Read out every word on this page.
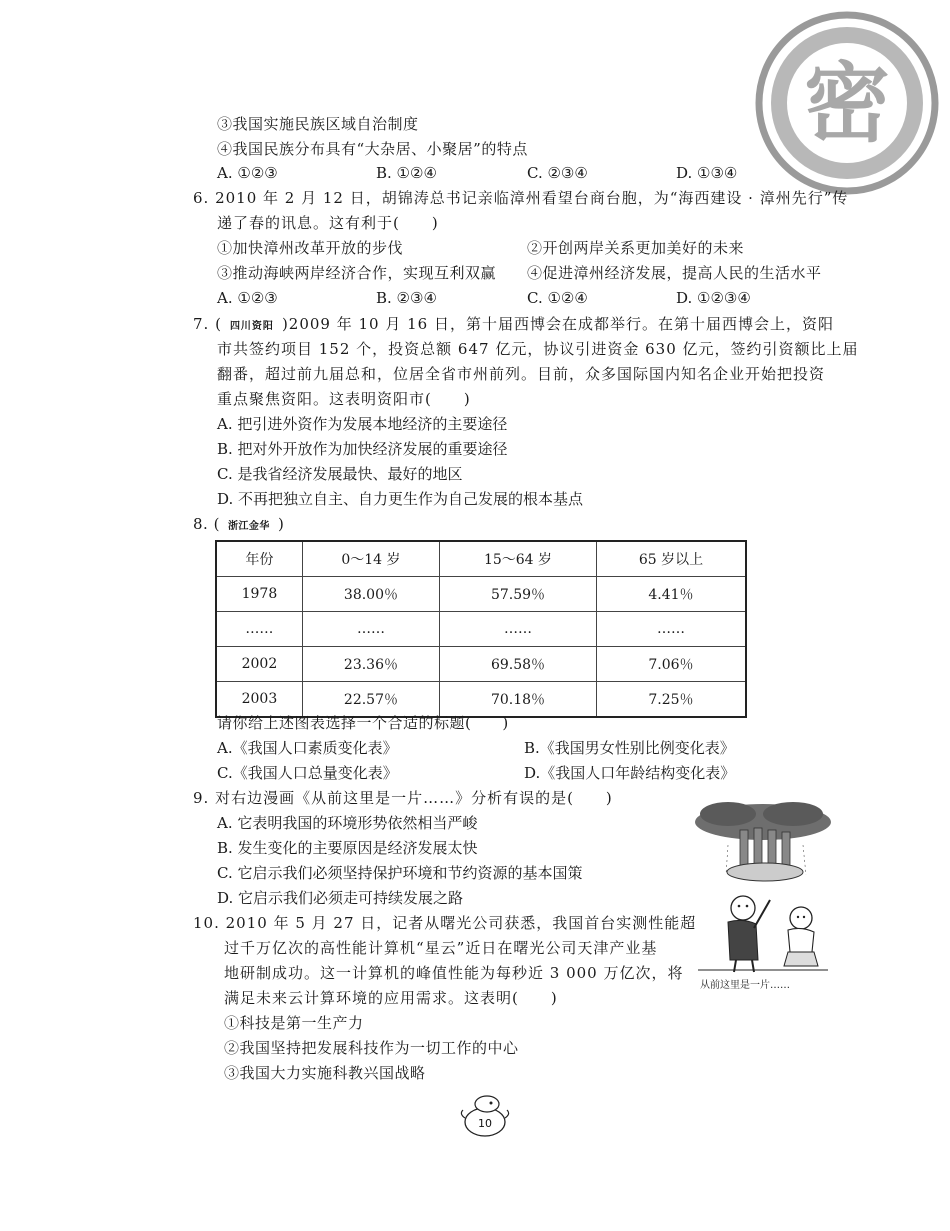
密
③我国实施民族区域自治制度
④我国民族分布具有“大杂居、小聚居”的特点
A. ①②③	B. ①②④	C. ②③④	D. ①③④
6. 2010 年 2 月 12 日，胡锦涛总书记亲临漳州看望台商台胞，为“海西建设 · 漳州先行”传
递了春的讯息。这有利于(　　)
①加快漳州改革开放的步伐	②开创两岸关系更加美好的未来
③推动海峡两岸经济合作，实现互利双赢 ④促进漳州经济发展，提高人民的生活水平
A. ①②③	B. ②③④	C. ①②④	D. ①②③④
7. ( 四川资阳 )2009 年 10 月 16 日，第十届西博会在成都举行。在第十届西博会上，资阳
市共签约项目 152 个，投资总额 647 亿元，协议引进资金 630 亿元，签约引资额比上届
翻番，超过前九届总和，位居全省市州前列。目前，众多国际国内知名企业开始把投资
重点聚焦资阳。这表明资阳市(　　)
A. 把引进外资作为发展本地经济的主要途径
B. 把对外开放作为加快经济发展的重要途径
C. 是我省经济发展最快、最好的地区
D. 不再把独立自主、自力更生作为自己发展的根本基点
8. ( 浙江金华 )
年份	0～14 岁	15～64 岁	65 岁以上
1978	38.00％	57.59％	4.41％
……	……	……	……
2002	23.36％	69.58％	7.06％
2003	22.57％	70.18％	7.25％
请你给上述图表选择一个合适的标题(　　)
A.《我国人口素质变化表》	B.《我国男女性别比例变化表》
C.《我国人口总量变化表》	D.《我国人口年龄结构变化表》
9. 对右边漫画《从前这里是一片……》分析有误的是(　　)
A. 它表明我国的环境形势依然相当严峻
B. 发生变化的主要原因是经济发展太快
C. 它启示我们必须坚持保护环境和节约资源的基本国策
D. 它启示我们必须走可持续发展之路
从前这里是一片……
10. 2010 年 5 月 27 日，记者从曙光公司获悉，我国首台实测性能超
过千万亿次的高性能计算机“星云”近日在曙光公司天津产业基
地研制成功。这一计算机的峰值性能为每秒近 3 000 万亿次，将
满足未来云计算环境的应用需求。这表明(　　)
①科技是第一生产力
②我国坚持把发展科技作为一切工作的中心
③我国大力实施科教兴国战略
10
